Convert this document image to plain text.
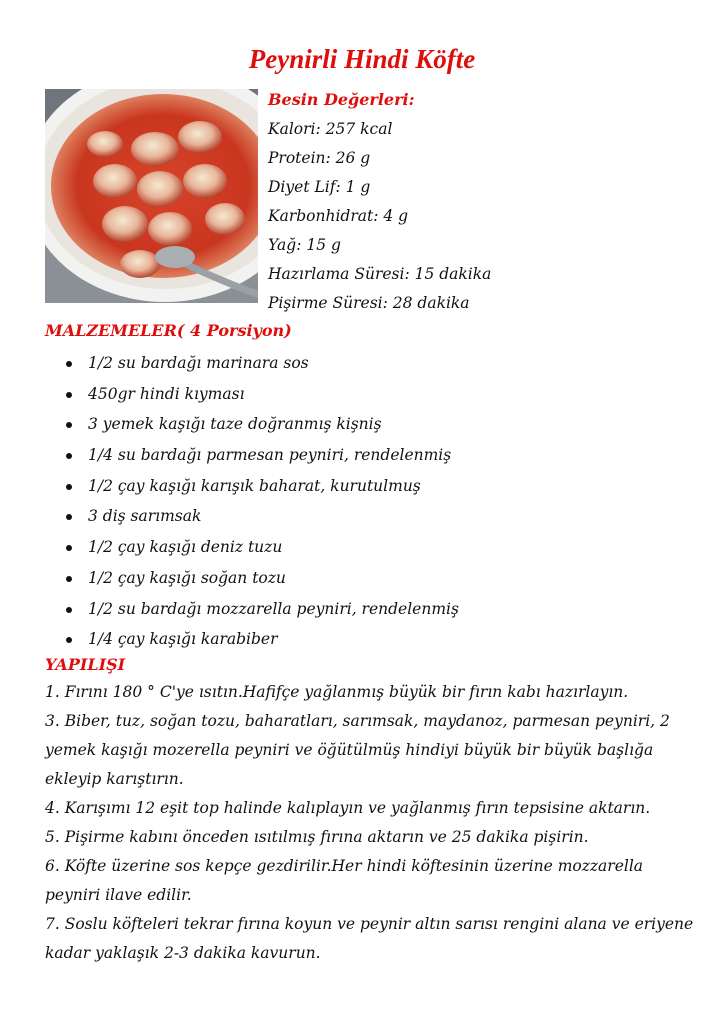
Peynirli Hindi Köfte
Besin Değerleri:
Kalori: 257 kcal
Protein: 26 g
Diyet Lif: 1 g
Karbonhidrat: 4 g
Yağ: 15 g
Hazırlama Süresi: 15 dakika
Pişirme Süresi: 28 dakika
MALZEMELER( 4 Porsiyon)
1/2 su bardağı marinara sos
450gr hindi kıyması
3 yemek kaşığı taze doğranmış kişniş
1/4 su bardağı parmesan peyniri, rendelenmiş
1/2 çay kaşığı karışık baharat, kurutulmuş
3 diş sarımsak
1/2 çay kaşığı deniz tuzu
1/2 çay kaşığı soğan tozu
1/2 su bardağı mozzarella peyniri, rendelenmiş
1/4 çay kaşığı karabiber
YAPILIŞI

1. Fırını 180 ° C'ye ısıtın.Hafifçe yağlanmış büyük bir fırın kabı hazırlayın.

3. Biber, tuz, soğan tozu, baharatları, sarımsak, maydanoz, parmesan peyniri, 2 yemek kaşığı mozerella peyniri ve öğütülmüş hindiyi büyük bir büyük başlığa ekleyip karıştırın.

4. Karışımı 12 eşit top halinde kalıplayın ve yağlanmış fırın tepsisine aktarın.

5. Pişirme kabını önceden ısıtılmış fırına aktarın ve 25 dakika pişirin.

6. Köfte üzerine sos kepçe gezdirilir.Her hindi köftesinin üzerine mozzarella peyniri ilave edilir.

7. Soslu köfteleri tekrar fırına koyun ve peynir altın sarısı rengini alana ve eriyene kadar yaklaşık 2-3 dakika kavurun.
